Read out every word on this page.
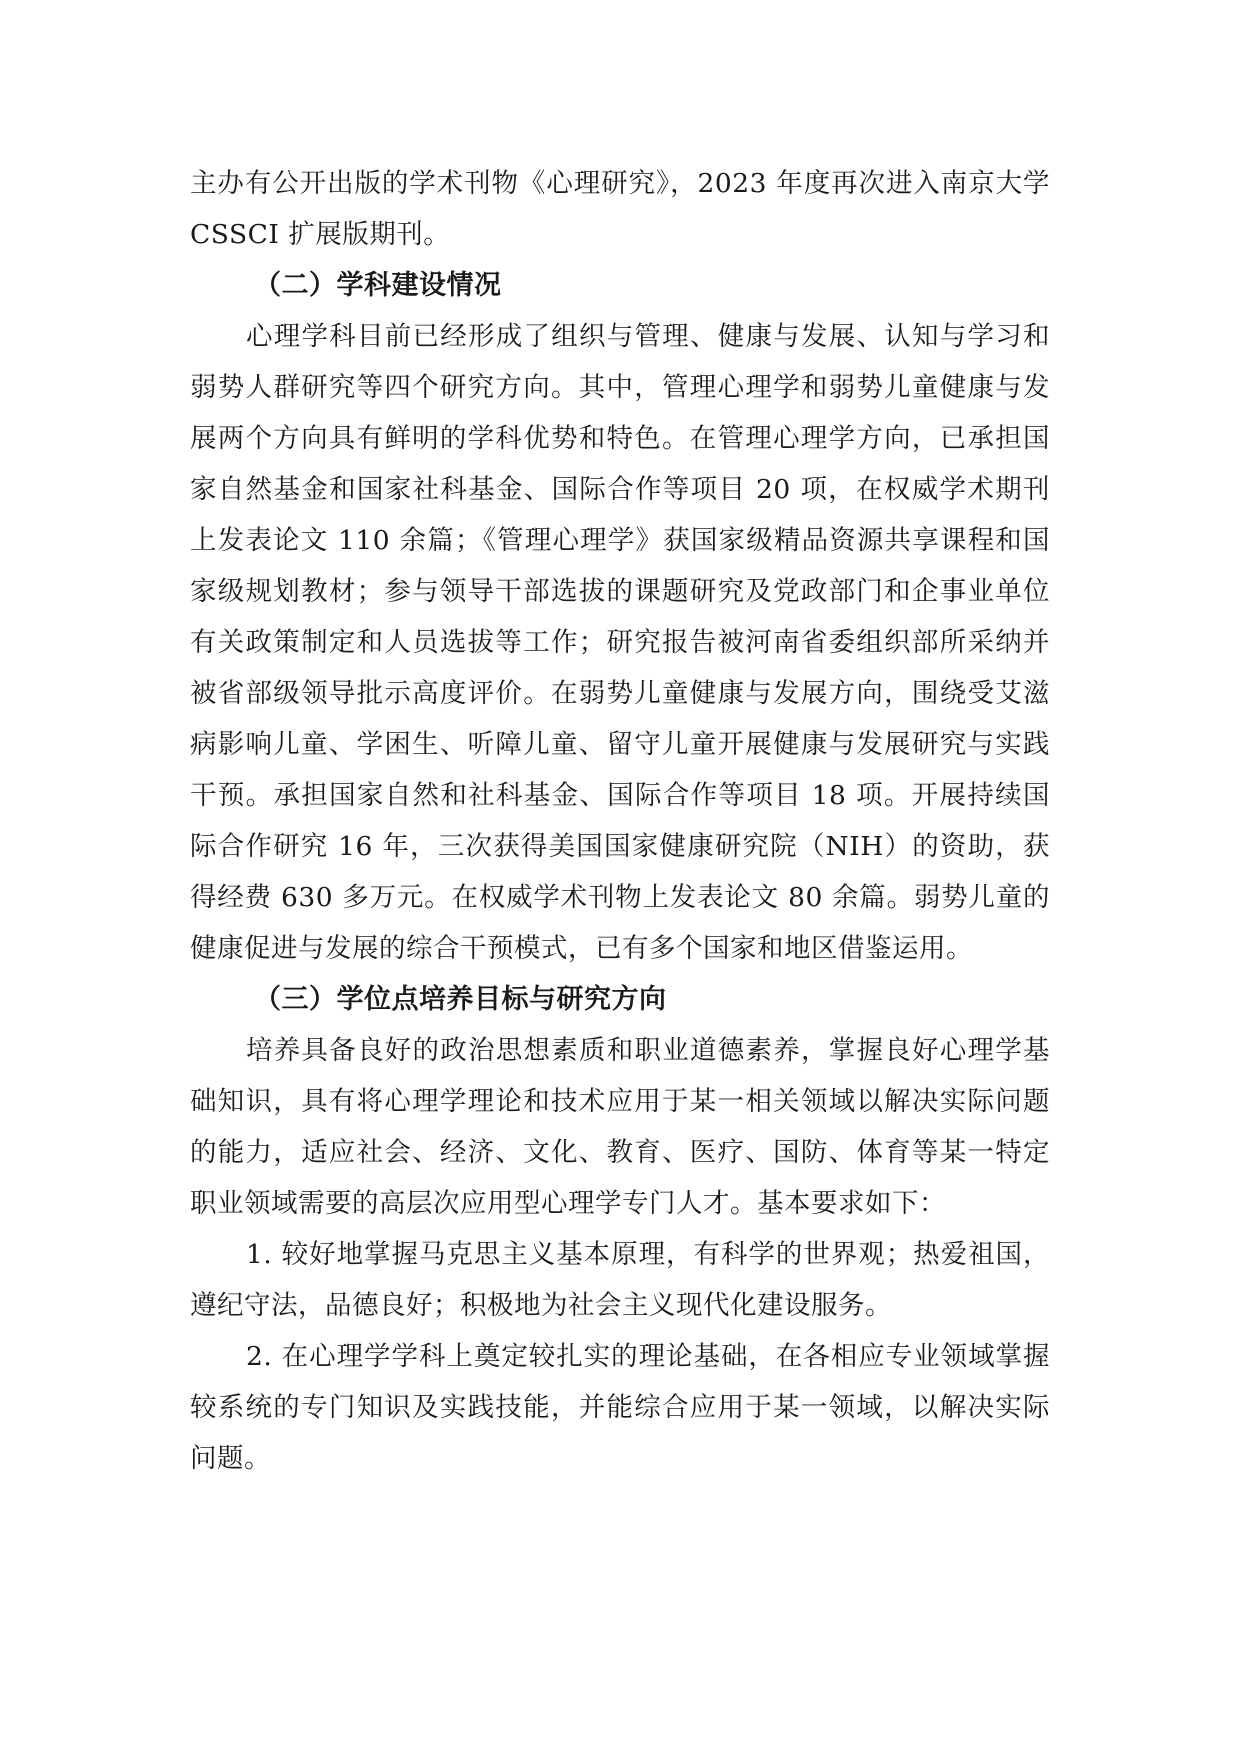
主办有公开出版的学术刊物《心理研究》，2023 年度再次进入南京大学 CSSCI 扩展版期刊。

（二）学科建设情况

心理学科目前已经形成了组织与管理、健康与发展、认知与学习和弱势人群研究等四个研究方向。其中，管理心理学和弱势儿童健康与发展两个方向具有鲜明的学科优势和特色。在管理心理学方向，已承担国家自然基金和国家社科基金、国际合作等项目 20 项，在权威学术期刊上发表论文 110 余篇；《管理心理学》获国家级精品资源共享课程和国家级规划教材；参与领导干部选拔的课题研究及党政部门和企事业单位有关政策制定和人员选拔等工作；研究报告被河南省委组织部所采纳并被省部级领导批示高度评价。在弱势儿童健康与发展方向，围绕受艾滋病影响儿童、学困生、听障儿童、留守儿童开展健康与发展研究与实践干预。承担国家自然和社科基金、国际合作等项目 18 项。开展持续国际合作研究 16 年，三次获得美国国家健康研究院（NIH）的资助，获得经费 630 多万元。在权威学术刊物上发表论文 80 余篇。弱势儿童的健康促进与发展的综合干预模式，已有多个国家和地区借鉴运用。

（三）学位点培养目标与研究方向

培养具备良好的政治思想素质和职业道德素养，掌握良好心理学基础知识，具有将心理学理论和技术应用于某一相关领域以解决实际问题的能力，适应社会、经济、文化、教育、医疗、国防、体育等某一特定职业领域需要的高层次应用型心理学专门人才。基本要求如下：

1. 较好地掌握马克思主义基本原理，有科学的世界观；热爱祖国，遵纪守法，品德良好；积极地为社会主义现代化建设服务。

2. 在心理学学科上奠定较扎实的理论基础，在各相应专业领域掌握较系统的专门知识及实践技能，并能综合应用于某一领域，以解决实际问题。
